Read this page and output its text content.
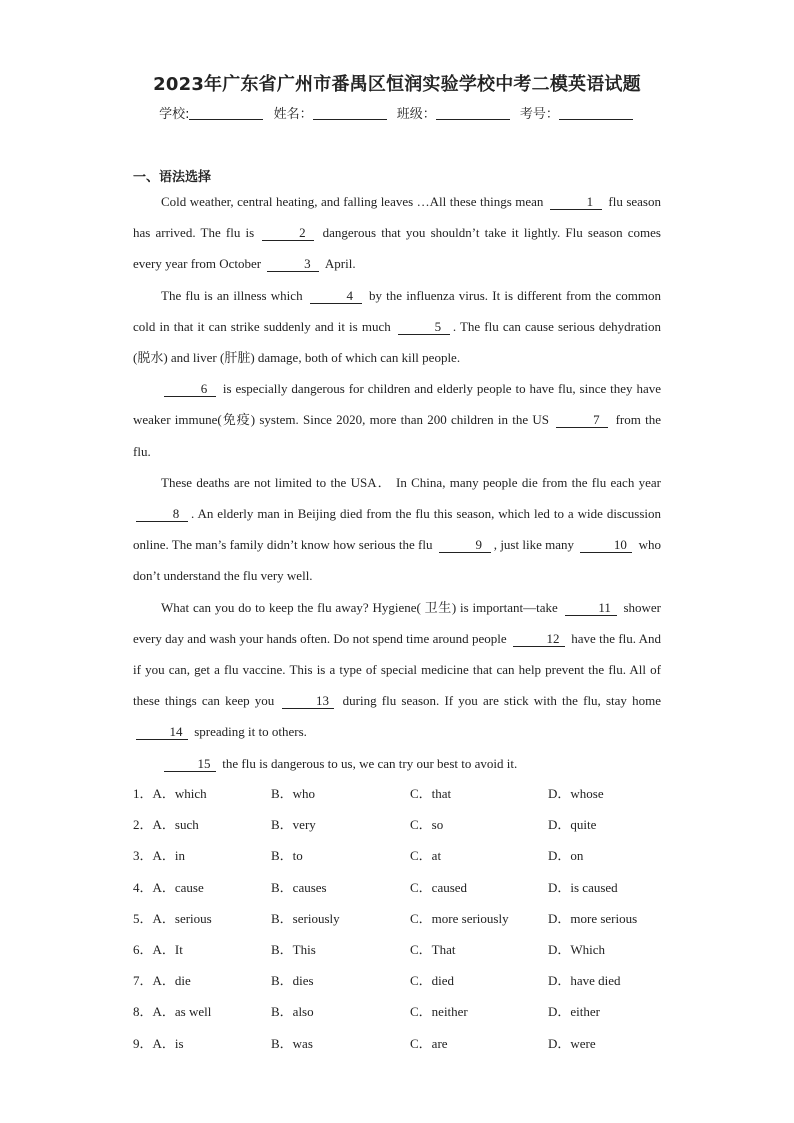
2023年广东省广州市番禺区恒润实验学校中考二模英语试题
学校:	姓名：	班级：	考号：
一、语法选择

Cold weather, central heating, and falling leaves …All these things mean	1 flu season has arrived. The flu is	2 dangerous that you shouldn’t take it lightly. Flu season comes every year from October	3 April.

The flu is an illness which	4 by the influenza virus. It is different from the common cold in that it can strike suddenly and it is much	5 . The flu can cause serious dehydration (脱水) and liver (肝脏) damage, both of which can kill people.

6 is especially dangerous for children and elderly people to have flu, since they have weaker immune(免疫) system. Since 2020, more than 200 children in the US	7 from the flu.

These deaths are not limited to the USA． In China, many people die from the flu each year 8 . An elderly man in Beijing died from the flu this season, which led to a wide discussion online. The man’s family didn’t know how serious the flu	9 , just like many	10 who don’t understand the flu very well.

What can you do to keep the flu away? Hygiene( 卫生) is important—take	11 shower every day and wash your hands often. Do not spend time around people	12 have the flu. And if you can, get a flu vaccine. This is a type of special medicine that can help prevent the flu. All of these things can keep you	13 during flu season. If you are stick with the flu, stay home 14 spreading it to others.

15 the flu is dangerous to us, we can try our best to avoid it.

1．A．which	B．who	C．that	D．whose
2．A．such	B．very	C．so	D．quite
3．A．in	B．to	C．at	D．on
4．A．cause	B．causes	C．caused	D．is caused
5．A．serious	B．seriously	C．more seriously	D．more serious
6．A．It	B．This	C．That	D．Which
7．A．die	B．dies	C．died	D．have died
8．A．as well	B．also	C．neither	D．either
9．A．is	B．was	C．are	D．were
